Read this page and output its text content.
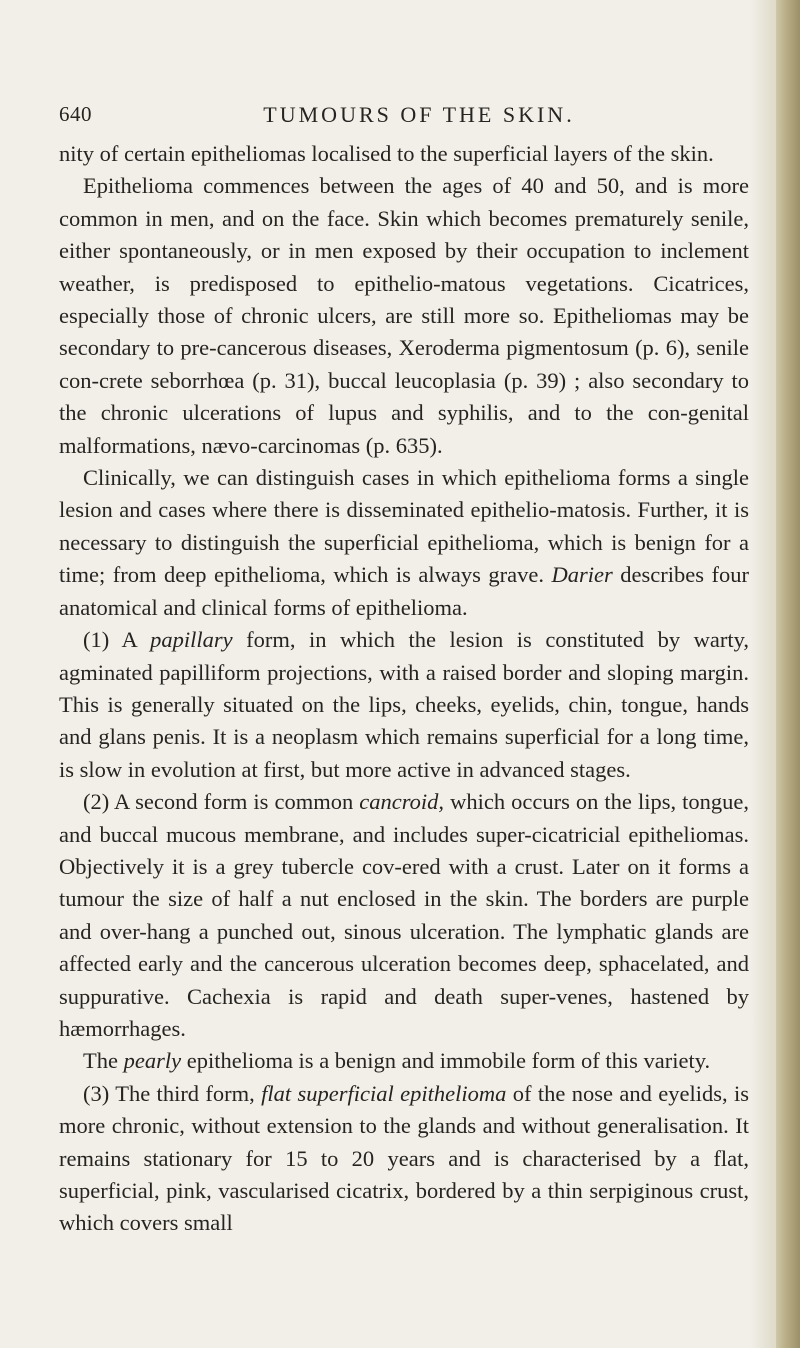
640	TUMOURS OF THE SKIN.

nity of certain epitheliomas localised to the superficial layers of the skin.

Epithelioma commences between the ages of 40 and 50, and is more common in men, and on the face. Skin which becomes prematurely senile, either spontaneously, or in men exposed by their occupation to inclement weather, is predisposed to epithelio-matous vegetations. Cicatrices, especially those of chronic ulcers, are still more so. Epitheliomas may be secondary to pre-cancerous diseases, Xeroderma pigmentosum (p. 6), senile con-crete seborrhœa (p. 31), buccal leucoplasia (p. 39) ; also secondary to the chronic ulcerations of lupus and syphilis, and to the con-genital malformations, nævo-carcinomas (p. 635).

Clinically, we can distinguish cases in which epithelioma forms a single lesion and cases where there is disseminated epithelio-matosis. Further, it is necessary to distinguish the superficial epithelioma, which is benign for a time; from deep epithelioma, which is always grave. Darier describes four anatomical and clinical forms of epithelioma.

(1) A papillary form, in which the lesion is constituted by warty, agminated papilliform projections, with a raised border and sloping margin. This is generally situated on the lips, cheeks, eyelids, chin, tongue, hands and glans penis. It is a neoplasm which remains superficial for a long time, is slow in evolution at first, but more active in advanced stages.

(2) A second form is common cancroid, which occurs on the lips, tongue, and buccal mucous membrane, and includes super-cicatricial epitheliomas. Objectively it is a grey tubercle cov-ered with a crust. Later on it forms a tumour the size of half a nut enclosed in the skin. The borders are purple and over-hang a punched out, sinous ulceration. The lymphatic glands are affected early and the cancerous ulceration becomes deep, sphacelated, and suppurative. Cachexia is rapid and death super-venes, hastened by hæmorrhages.

The pearly epithelioma is a benign and immobile form of this variety.

(3) The third form, flat superficial epithelioma of the nose and eyelids, is more chronic, without extension to the glands and without generalisation. It remains stationary for 15 to 20 years and is characterised by a flat, superficial, pink, vascularised cicatrix, bordered by a thin serpiginous crust, which covers small
